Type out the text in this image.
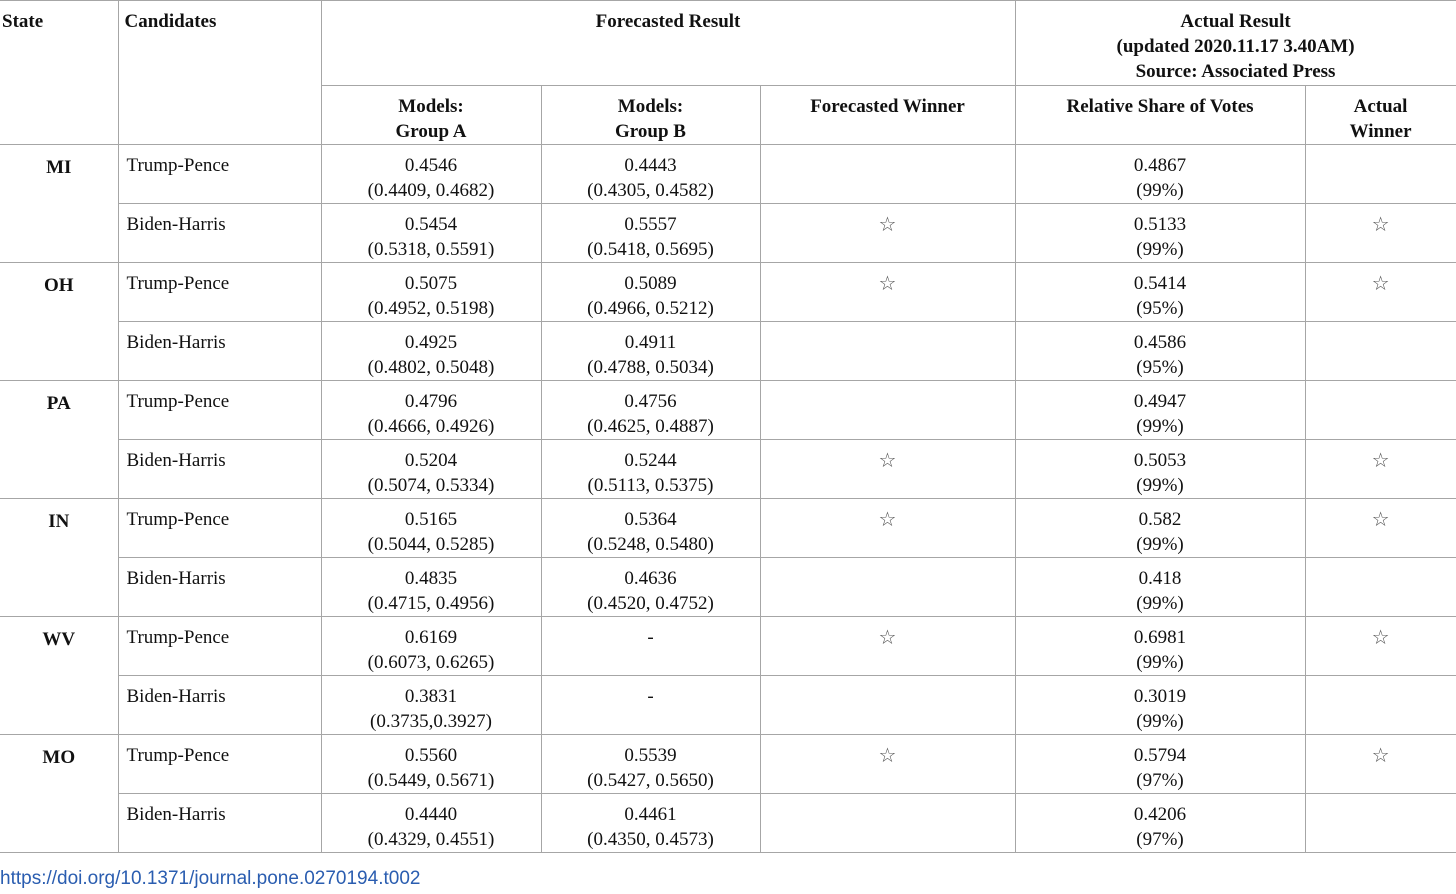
State	Candidates	Forecasted Result			Actual Result
(updated 2020.11.17 3.40AM)
Source: Associated Press	

		Models:
Group A	Models:
Group B	Forecasted Winner	Relative Share of Votes	Actual
Winner

MI	Trump-Pence	0.4546
(0.4409, 0.4682)	0.4443
(0.4305, 0.4582)		0.4867
(99%)	

	Biden-Harris	0.5454
(0.5318, 0.5591)	0.5557
(0.5418, 0.5695)	☆	0.5133
(99%)	☆
OH	Trump-Pence	0.5075
(0.4952, 0.5198)	0.5089
(0.4966, 0.5212)	☆	0.5414
(95%)	☆
	Biden-Harris	0.4925
(0.4802, 0.5048)	0.4911
(0.4788, 0.5034)		0.4586
(95%)	

PA	Trump-Pence	0.4796
(0.4666, 0.4926)	0.4756
(0.4625, 0.4887)		0.4947
(99%)	

	Biden-Harris	0.5204
(0.5074, 0.5334)	0.5244
(0.5113, 0.5375)	☆	0.5053
(99%)	☆
IN	Trump-Pence	0.5165
(0.5044, 0.5285)	0.5364
(0.5248, 0.5480)	☆	0.582
(99%)	☆
	Biden-Harris	0.4835
(0.4715, 0.4956)	0.4636
(0.4520, 0.4752)		0.418
(99%)	

WV	Trump-Pence	0.6169
(0.6073, 0.6265)	-	☆	0.6981
(99%)	☆
	Biden-Harris	0.3831
(0.3735,0.3927)	-		0.3019
(99%)	

MO	Trump-Pence	0.5560
(0.5449, 0.5671)	0.5539
(0.5427, 0.5650)	☆	0.5794
(97%)	☆
	Biden-Harris	0.4440
(0.4329, 0.4551)	0.4461
(0.4350, 0.4573)		0.4206
(97%)	

https://doi.org/10.1371/journal.pone.0270194.t002
